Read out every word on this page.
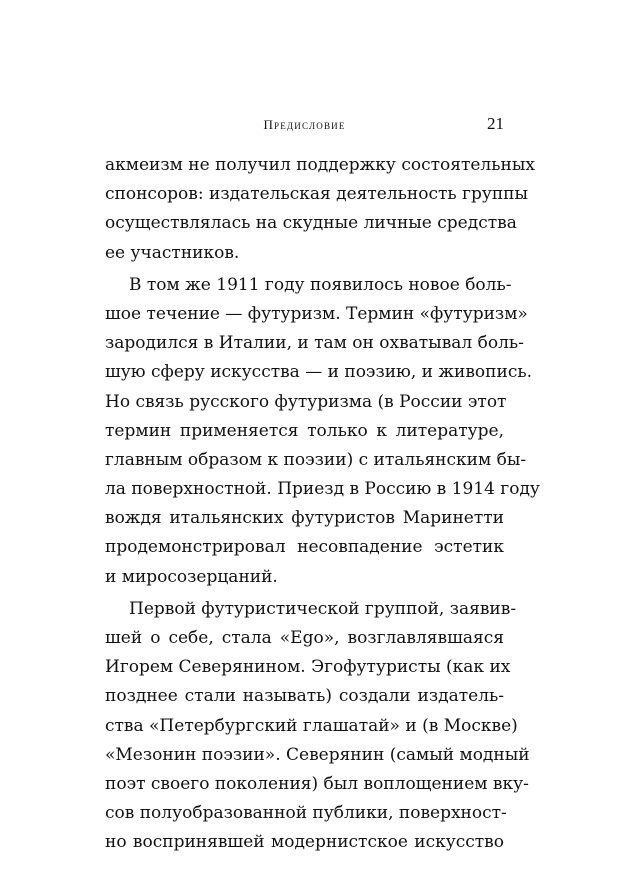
Предисловие	21
акмеизм не получил поддержку состоятельных
спонсоров: издательская деятельность группы
осуществлялась на скудные личные средства
ее участников.
В том же 1911 году появилось новое боль-
шое течение — футуризм. Термин «футуризм»
зародился в Италии, и там он охватывал боль-
шую сферу искусства — и поэзию, и живопись.
Но связь русского футуризма (в России этот
термин применяется только к литературе,
главным образом к поэзии) с итальянским бы-
ла поверхностной. Приезд в Россию в 1914 году
вождя итальянских футуристов Маринетти
продемонстрировал несовпадение эстетик
и миросозерцаний.
Первой футуристической группой, заявив-
шей о себе, стала «Ego», возглавлявшаяся
Игорем Северянином. Эгофутуристы (как их
позднее стали называть) создали издатель-
ства «Петербургский глашатай» и (в Москве)
«Мезонин поэзии». Северянин (самый модный
поэт своего поколения) был воплощением вку-
сов полуобразованной публики, поверхност-
но воспринявшей модернистское искусство
